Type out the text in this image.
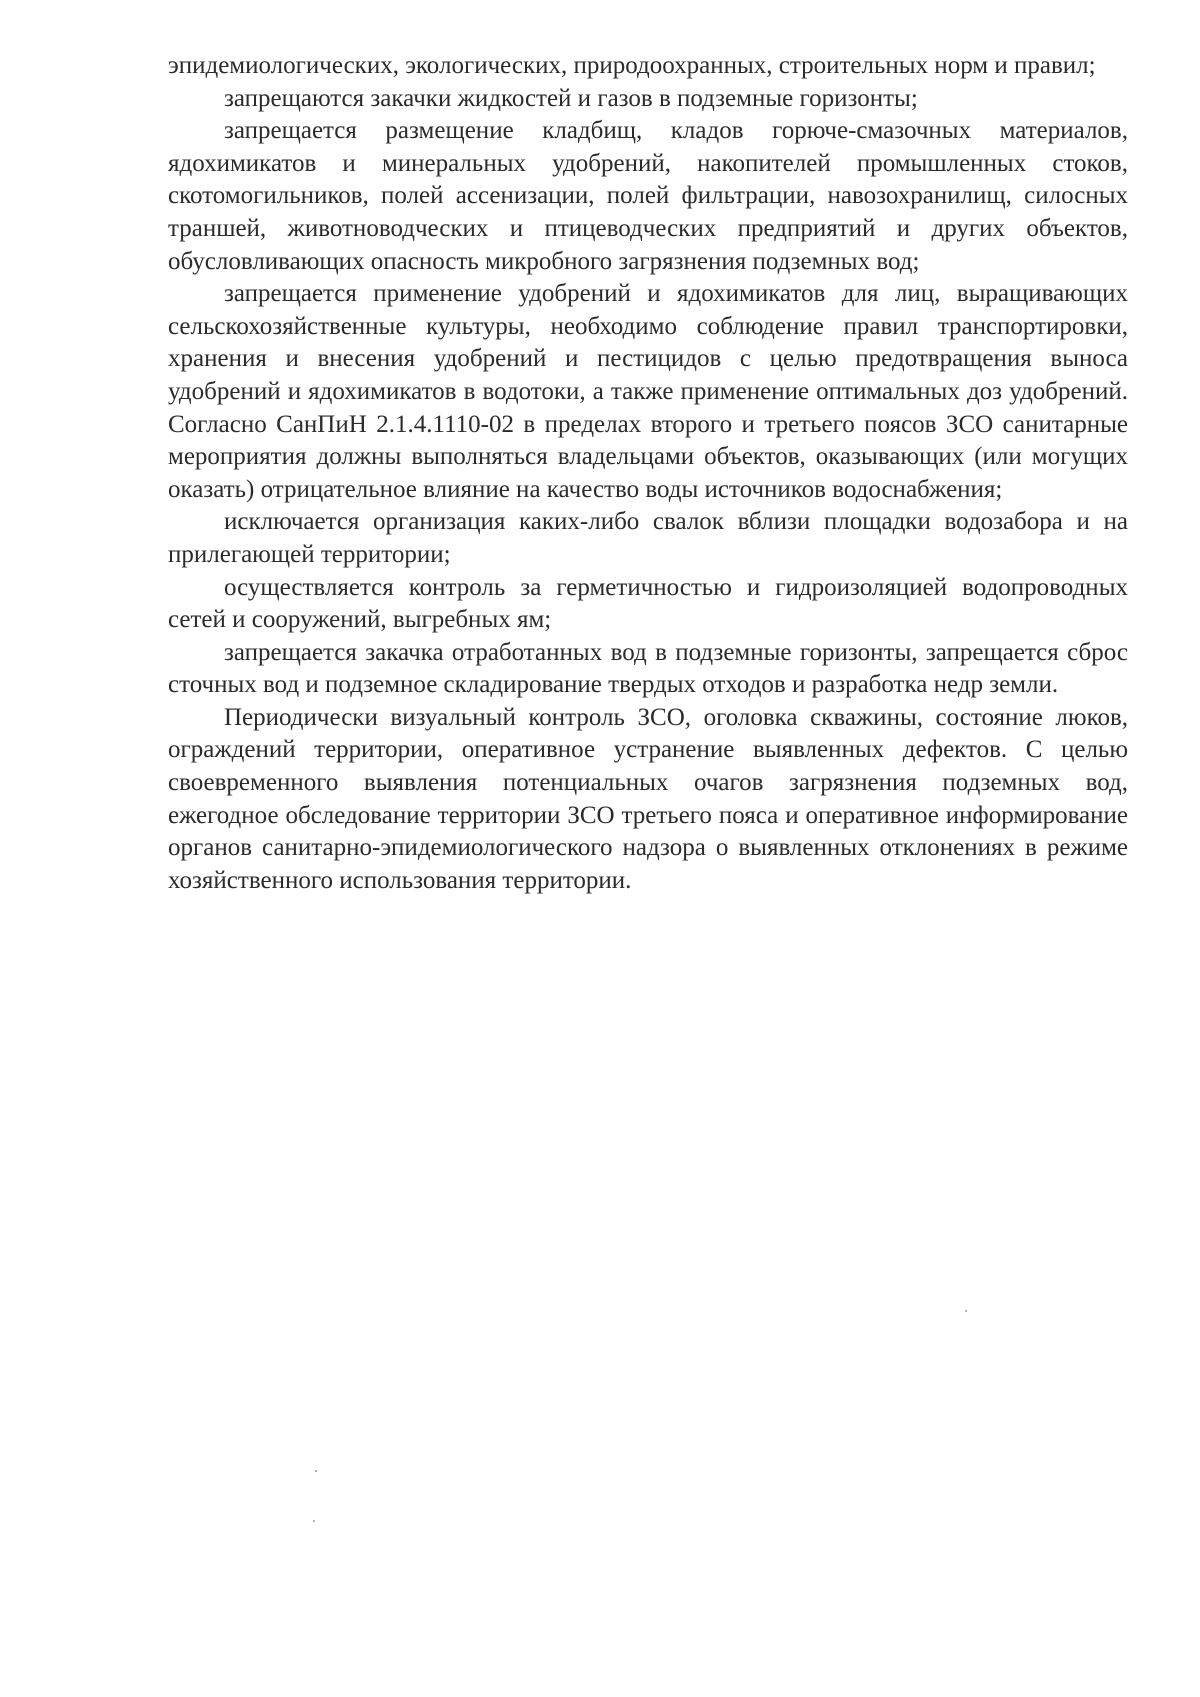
эпидемиологических, экологических, природоохранных, строительных норм и правил;

запрещаются закачки жидкостей и газов в подземные горизонты;

запрещается размещение кладбищ, кладов горюче-смазочных материалов, ядохимикатов и минеральных удобрений, накопителей промышленных стоков, скотомогильников, полей ассенизации, полей фильтрации, навозохранилищ, силосных траншей, животноводческих и птицеводческих предприятий и других объектов, обусловливающих опасность микробного загрязнения подземных вод;

запрещается применение удобрений и ядохимикатов для лиц, выращивающих сельскохозяйственные культуры, необходимо соблюдение правил транспортировки, хранения и внесения удобрений и пестицидов с целью предотвращения выноса удобрений и ядохимикатов в водотоки, а также применение оптимальных доз удобрений. Согласно СанПиН 2.1.4.1110-02 в пределах второго и третьего поясов ЗСО санитарные мероприятия должны выполняться владельцами объектов, оказывающих (или могущих оказать) отрицательное влияние на качество воды источников водоснабжения;

исключается организация каких-либо свалок вблизи площадки водозабора и на прилегающей территории;

осуществляется контроль за герметичностью и гидроизоляцией водопроводных сетей и сооружений, выгребных ям;

запрещается закачка отработанных вод в подземные горизонты, запрещается сброс сточных вод и подземное складирование твердых отходов и разработка недр земли.

Периодически визуальный контроль ЗСО, оголовка скважины, состояние люков, ограждений территории, оперативное устранение выявленных дефектов. С целью своевременного выявления потенциальных очагов загрязнения подземных вод, ежегодное обследование территории ЗСО третьего пояса и оперативное информирование органов санитарно-эпидемиологического надзора о выявленных отклонениях в режиме хозяйственного использования территории.
